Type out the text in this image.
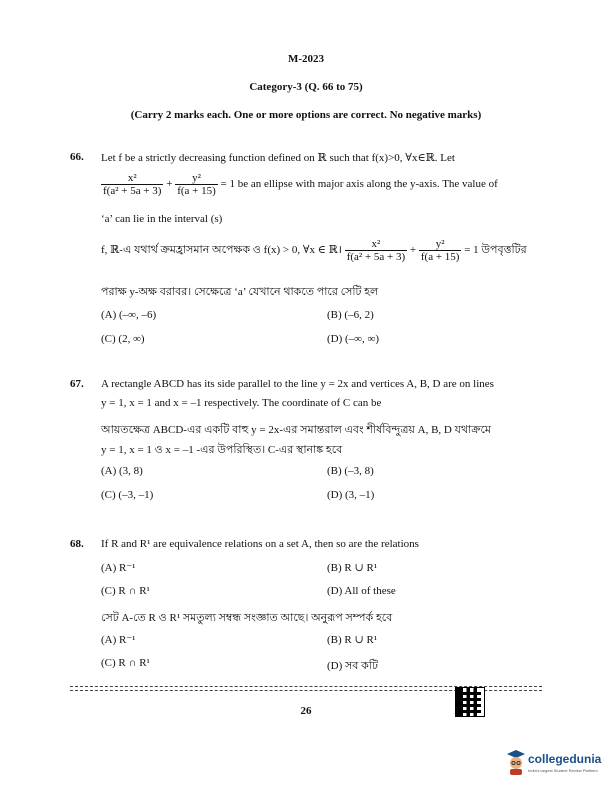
M-2023
Category-3 (Q. 66 to 75)
(Carry 2 marks each. One or more options are correct. No negative marks)
66. Let f be a strictly decreasing function defined on ℝ such that f(x)>0, ∀x∈ℝ. Let
$\frac{\text{x²}}{\text{f(a² + 5a + 3)}} + \frac{\text{y²}}{f(a + 15)} = 1$ be an ellipse with major axis along the y-axis. The value of
‘a’ can lie in the interval (s)
f, ℝ-এ যথার্থ ক্রমহ্রাসমান অপেক্ষক ও f(x) > 0, ∀x ∈ ℝ। $\frac{\text{x²}}{\text{f(a² + 5a + 3)}} + \frac{\text{y²}}{f(a + 15)} = 1$ উপবৃত্তটির
পরাক্ষ y-অক্ষ বরাবর। সেক্ষেত্রে ‘a’ যেখানে থাকতে পারে সেটি হল
(A) (–∞, –6)	(B) (–6, 2)
(C) (2, ∞)	(D) (–∞, ∞)
67. A rectangle ABCD has its side parallel to the line y = 2x and vertices A, B, D are on lines
y = 1, x = 1 and x = –1 respectively. The coordinate of C can be
আয়তক্ষেত্র ABCD-এর একটি বাহু y = 2x-এর সমান্তরাল এবং শীর্ষবিন্দুত্রয় A, B, D যথাক্রমে
y = 1, x = 1 ও x = –1 -এর উপরিস্থিত। C-এর স্থানাঙ্ক হবে
(A) (3, 8)	(B) (–3, 8)
(C) (–3, –1)	(D) (3, –1)
68. If R and R¹ are equivalence relations on a set A, then so are the relations
(A) R⁻¹	(B) R ∪ R¹
(C) R ∩ R¹	(D) All of these
সেট A-তে R ও R¹ সমতুল্য সম্বন্ধ সংজ্ঞাত আছে। অনুরূপ সম্পর্ক হবে
(A) R⁻¹	(B) R ∪ R¹
(C) R ∩ R¹	(D) সব কটি
26
collegedunia
India's largest Student Review Platform
